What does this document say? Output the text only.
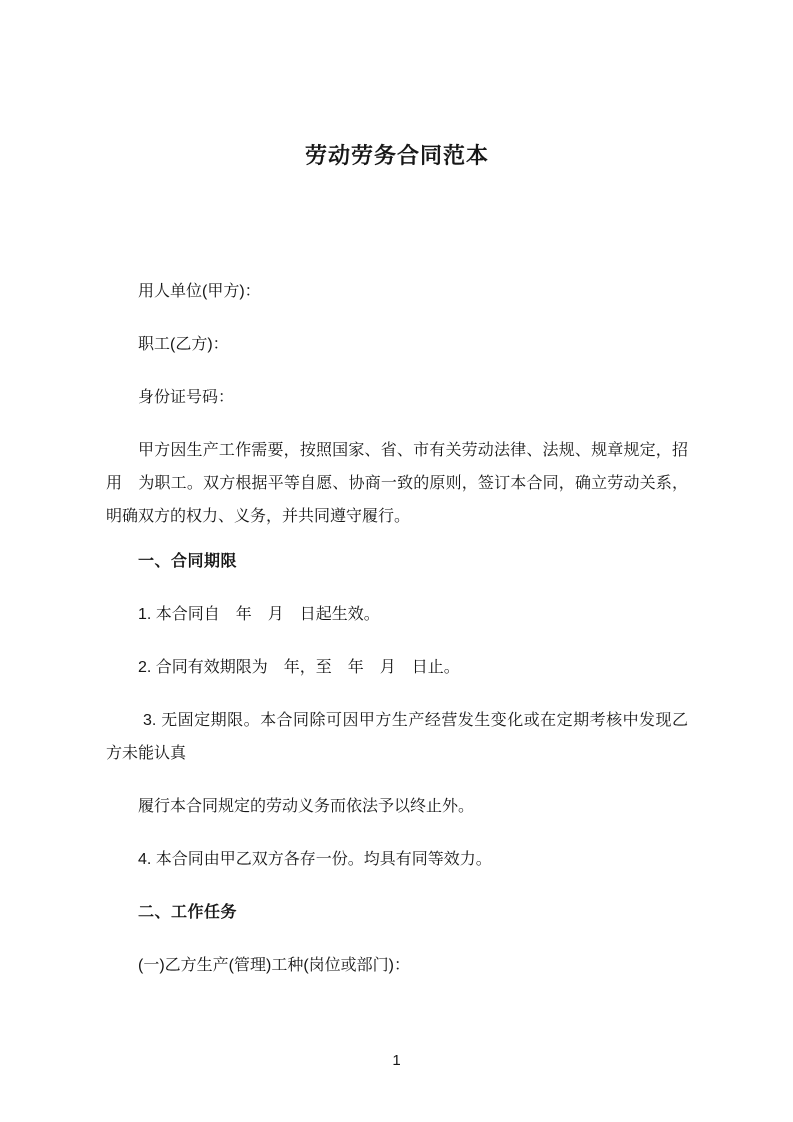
劳动劳务合同范本

用人单位(甲方)：

职工(乙方)：

身份证号码：

甲方因生产工作需要，按照国家、省、市有关劳动法律、法规、规章规定，招用　为职工。双方根据平等自愿、协商一致的原则，签订本合同，确立劳动关系，明确双方的权力、义务，并共同遵守履行。

一、合同期限

1. 本合同自　年　月　日起生效。

2. 合同有效期限为　年，至　年　月　日止。

3. 无固定期限。本合同除可因甲方生产经营发生变化或在定期考核中发现乙方未能认真

履行本合同规定的劳动义务而依法予以终止外。

4. 本合同由甲乙双方各存一份。均具有同等效力。

二、工作任务

(一)乙方生产(管理)工种(岗位或部门)：

1
